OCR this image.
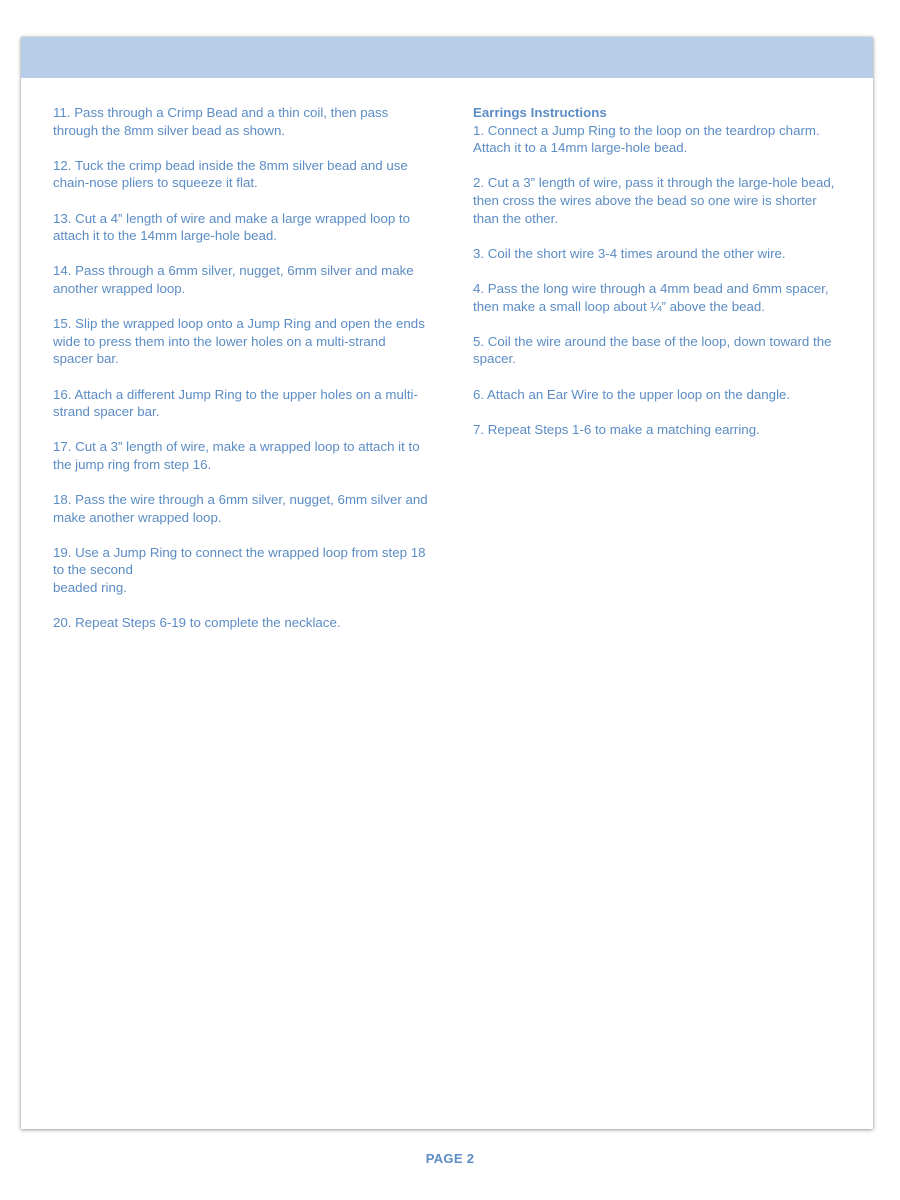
11. Pass through a Crimp Bead and a thin coil, then pass through the 8mm silver bead as shown.

12. Tuck the crimp bead inside the 8mm silver bead and use chain-nose pliers to squeeze it flat.

13. Cut a 4” length of wire and make a large wrapped loop to attach it to the 14mm large-hole bead.

14. Pass through a 6mm silver, nugget, 6mm silver and make another wrapped loop.

15. Slip the wrapped loop onto a Jump Ring and open the ends wide to press them into the lower holes on a multi-strand spacer bar.

16. Attach a different Jump Ring to the upper holes on a multi-strand spacer bar.

17. Cut a 3” length of wire, make a wrapped loop to attach it to the jump ring from step 16.

18. Pass the wire through a 6mm silver, nugget, 6mm silver and make another wrapped loop.

19. Use a Jump Ring to connect the wrapped loop from step 18 to the second
beaded ring.

20. Repeat Steps 6-19 to complete the necklace.

Earrings Instructions

1. Connect a Jump Ring to the loop on the teardrop charm.
Attach it to a 14mm large-hole bead.

2. Cut a 3” length of wire, pass it through the large-hole bead, then cross the wires above the bead so one wire is shorter than the other.

3. Coil the short wire 3-4 times around the other wire.

4. Pass the long wire through a 4mm bead and 6mm spacer, then make a small loop about ¼” above the bead.

5. Coil the wire around the base of the loop, down toward the spacer.

6. Attach an Ear Wire to the upper loop on the dangle.

7. Repeat Steps 1-6 to make a matching earring.

PAGE 2
